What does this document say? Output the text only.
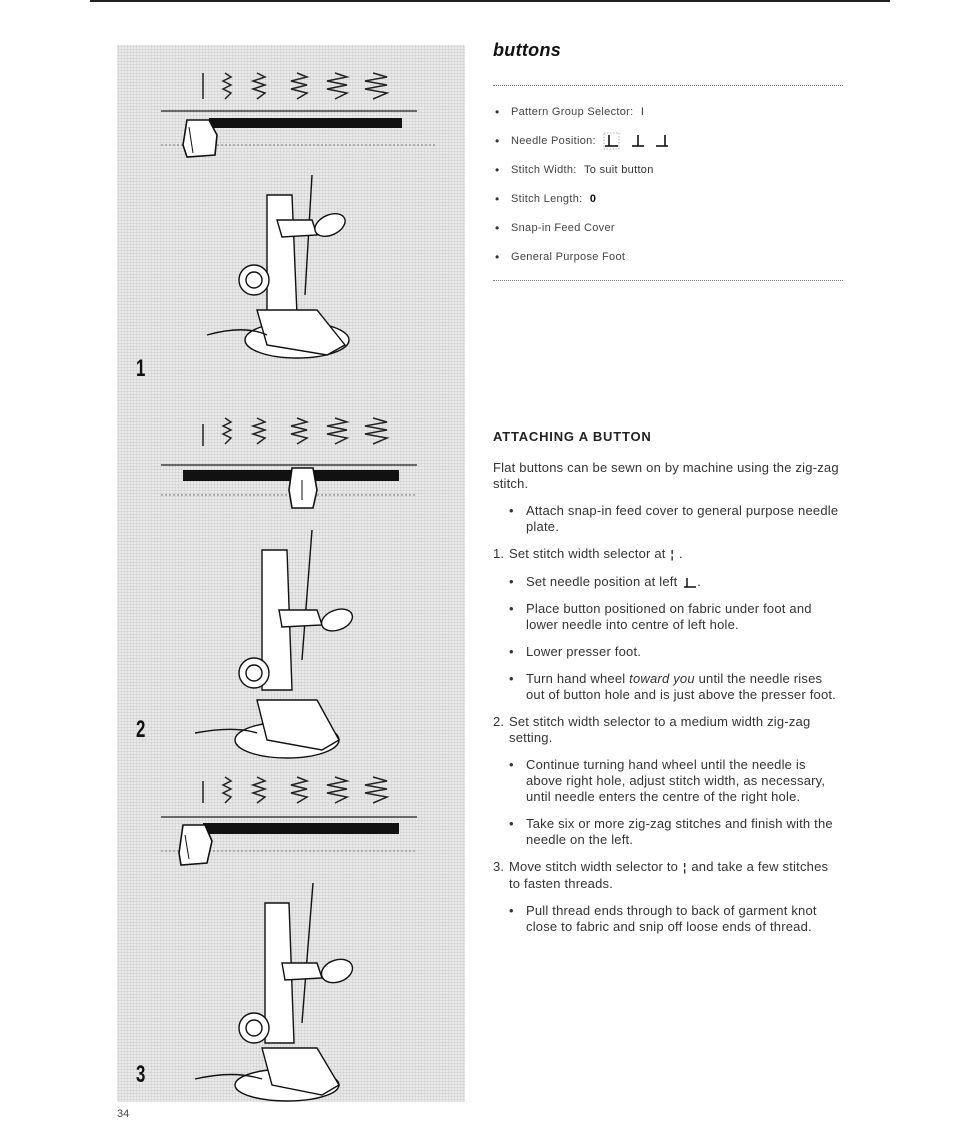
1
2
3
34
buttons
• Pattern Group Selector: I
• Needle Position:
• Stitch Width: To suit button
• Stitch Length: 0
• Snap-in Feed Cover
• General Purpose Foot
ATTACHING A BUTTON

Flat buttons can be sewn on by machine using the zig-zag stitch.

• Attach snap-in feed cover to general purpose needle plate.

1. Set stitch width selector at ¦ .

• Set needle position at left .

• Place button positioned on fabric under foot and lower needle into centre of left hole.

• Lower presser foot.

• Turn hand wheel toward you until the needle rises out of button hole and is just above the presser foot.

2. Set stitch width selector to a medium width zig-zag setting.

• Continue turning hand wheel until the needle is above right hole, adjust stitch width, as necessary, until needle enters the centre of the right hole.

• Take six or more zig-zag stitches and finish with the needle on the left.

3. Move stitch width selector to ¦ and take a few stitches to fasten threads.

• Pull thread ends through to back of garment knot close to fabric and snip off loose ends of thread.
